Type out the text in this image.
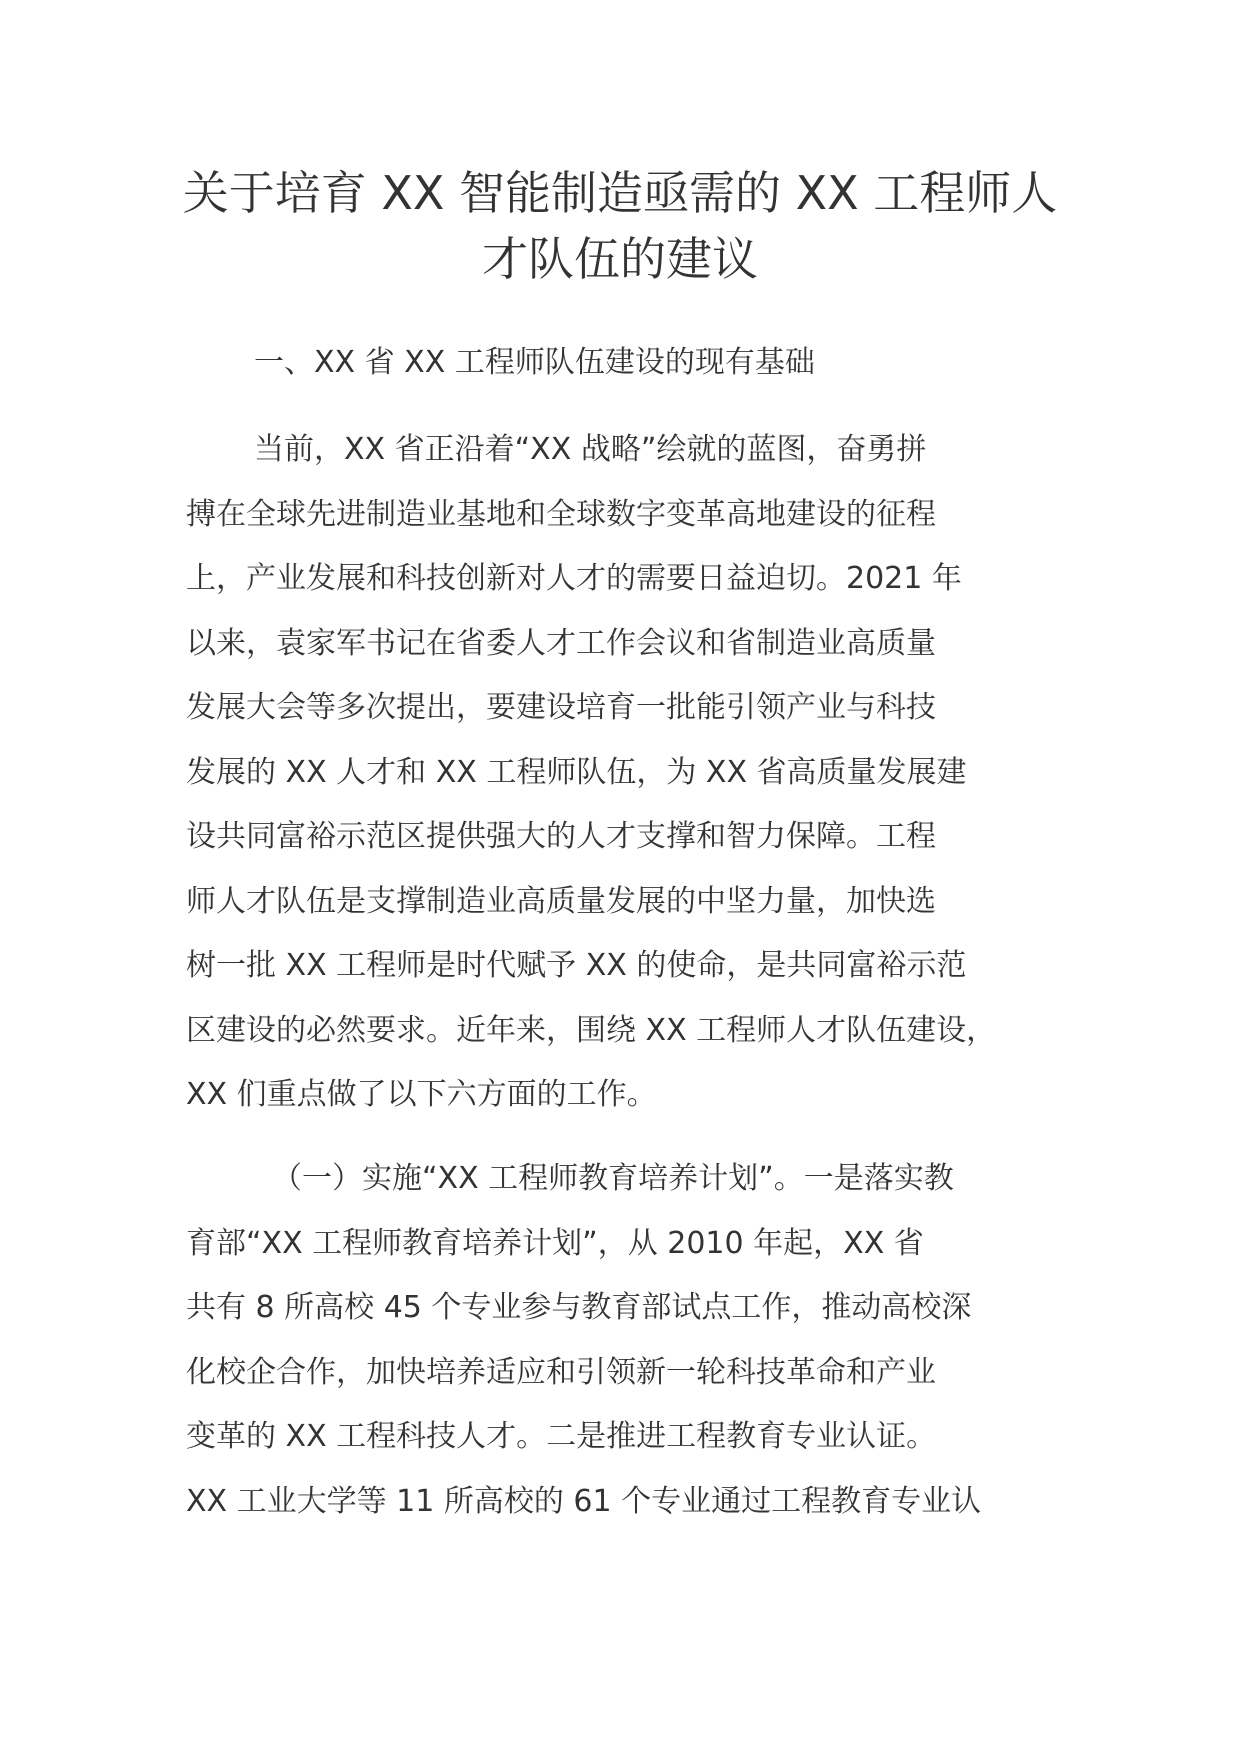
关于培育 XX 智能制造亟需的 XX 工程师人
才队伍的建议
一、XX 省 XX 工程师队伍建设的现有基础
当前，XX 省正沿着“XX 战略”绘就的蓝图，奋勇拼
搏在全球先进制造业基地和全球数字变革高地建设的征程
上，产业发展和科技创新对人才的需要日益迫切。2021 年
以来，袁家军书记在省委人才工作会议和省制造业高质量
发展大会等多次提出，要建设培育一批能引领产业与科技
发展的 XX 人才和 XX 工程师队伍，为 XX 省高质量发展建
设共同富裕示范区提供强大的人才支撑和智力保障。工程
师人才队伍是支撑制造业高质量发展的中坚力量，加快选
树一批 XX 工程师是时代赋予 XX 的使命，是共同富裕示范
区建设的必然要求。近年来，围绕 XX 工程师人才队伍建设，
XX 们重点做了以下六方面的工作。
（一）实施“XX 工程师教育培养计划”。一是落实教
育部“XX 工程师教育培养计划”，从 2010 年起，XX 省
共有 8 所高校 45 个专业参与教育部试点工作，推动高校深
化校企合作，加快培养适应和引领新一轮科技革命和产业
变革的 XX 工程科技人才。二是推进工程教育专业认证。
XX 工业大学等 11 所高校的 61 个专业通过工程教育专业认
